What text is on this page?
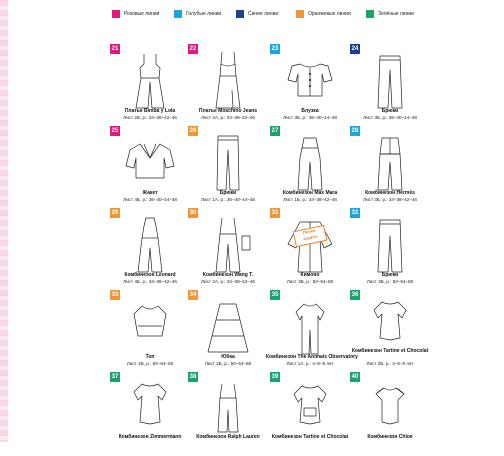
Розовые линии	Голубые линии	Синие линии	Оранжевые линии	Зелёные линии
21
Платье Bimba y Lola
Лист 2Б, р.: 34–38–42–46
22
Платье Moschino Jeans
Лист 4А, р.: 34–38–42–46
23
Блузка
Лист 3Б, р.: 36–40–44–48
24
Брюки
Лист 3Б, р.: 36–40–44–48
25
Жакет
Лист 4Б, р.: 36–40–44–48
26
Брюки
Лист 1А, р.: 36–40–44–48
27
Комбинезон Max Mara
Лист 1Б, р.: 34–38–42–46
28
Комбинезон Hermès
Лист 3Б, р.: 34–38–42–46
29
Комбинезон Leonard
Лист 4Б, р.: 34–38–42–46
30
Комбинезон Wang T.
Лист 2А, р.: 34–38–42–46
31
Легко
сшить
Кимоно
Лист 3Б, р.: 50–54–58
32
Брюки
Лист 3Б, р.: 50–54–58
33
Топ
Лист 4Б, р.: 50–54–58
34
Юбка
Лист 2Б, р.: 50–54–58
35
Комбинезон The Animals Observatory
Лист 1А, р.: 4–6–8 лет
36
Комбинезон Tartine et Chocolat
Лист 2Б, р.: 4–6–8 лет
37
Комбинезон Zimmermann
38
Комбинезон Ralph Lauren
39
Комбинезон Tartine et Chocolat
40
Комбинезон Chloé
